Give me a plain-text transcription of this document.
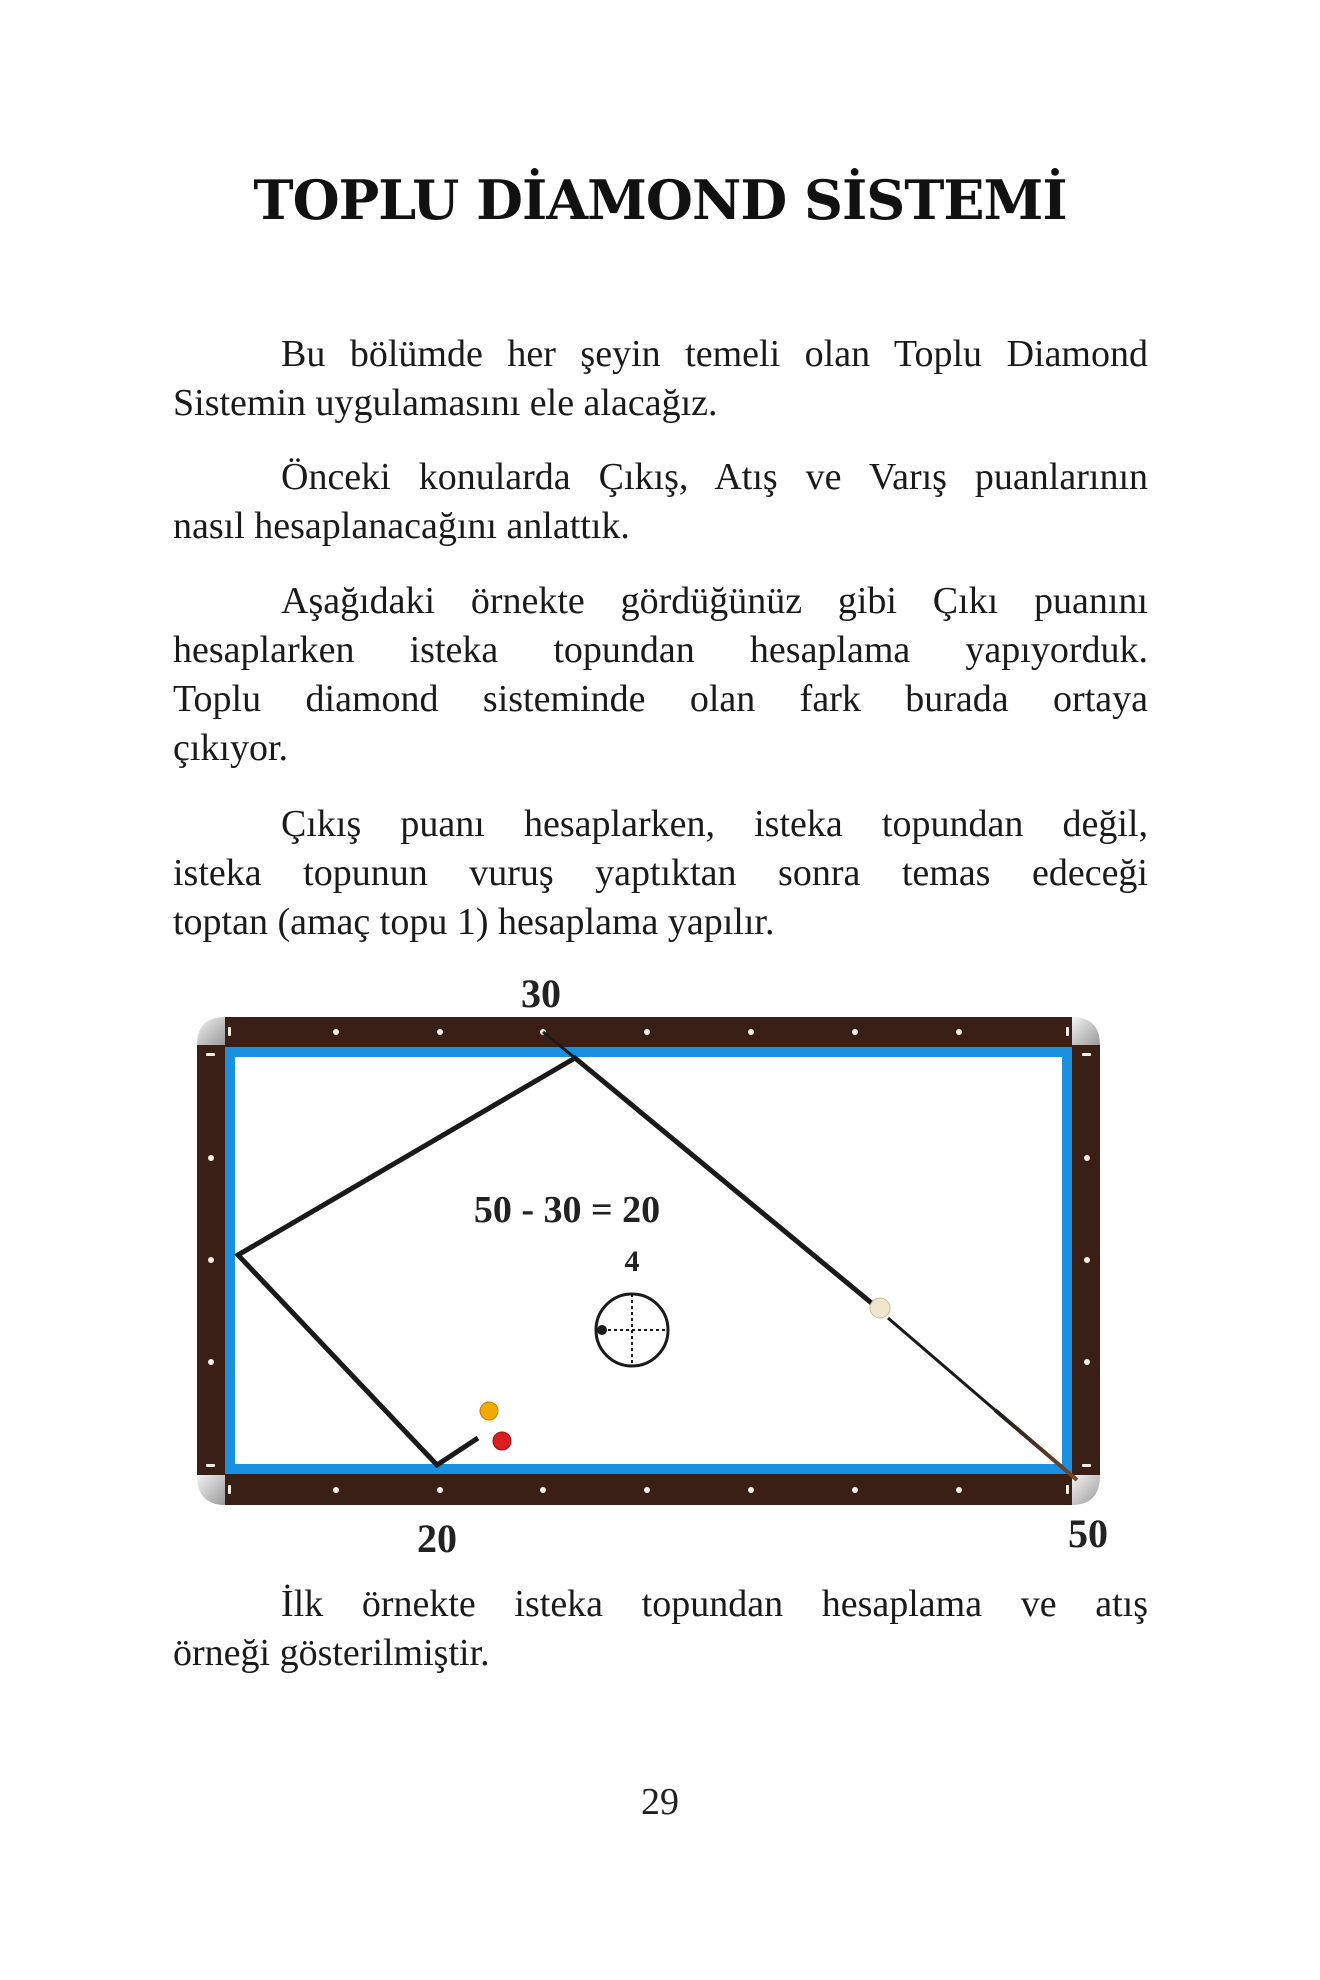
TOPLU DİAMOND SİSTEMİ
Bu bölümde her şeyin temeli olan Toplu Diamond
Sistemin uygulamasını ele alacağız.
Önceki konularda Çıkış, Atış ve Varış puanlarının
nasıl hesaplanacağını anlattık.
Aşağıdaki örnekte gördüğünüz gibi Çıkı puanını
hesaplarken isteka topundan hesaplama yapıyorduk.
Toplu diamond sisteminde olan fark burada ortaya
çıkıyor.
Çıkış puanı hesaplarken, isteka topundan değil,
isteka topunun vuruş yaptıktan sonra temas edeceği
toptan (amaç topu 1) hesaplama yapılır.
30
50 - 30 = 20
4
20	50
İlk örnekte isteka topundan hesaplama ve atış
örneği gösterilmiştir.
29
